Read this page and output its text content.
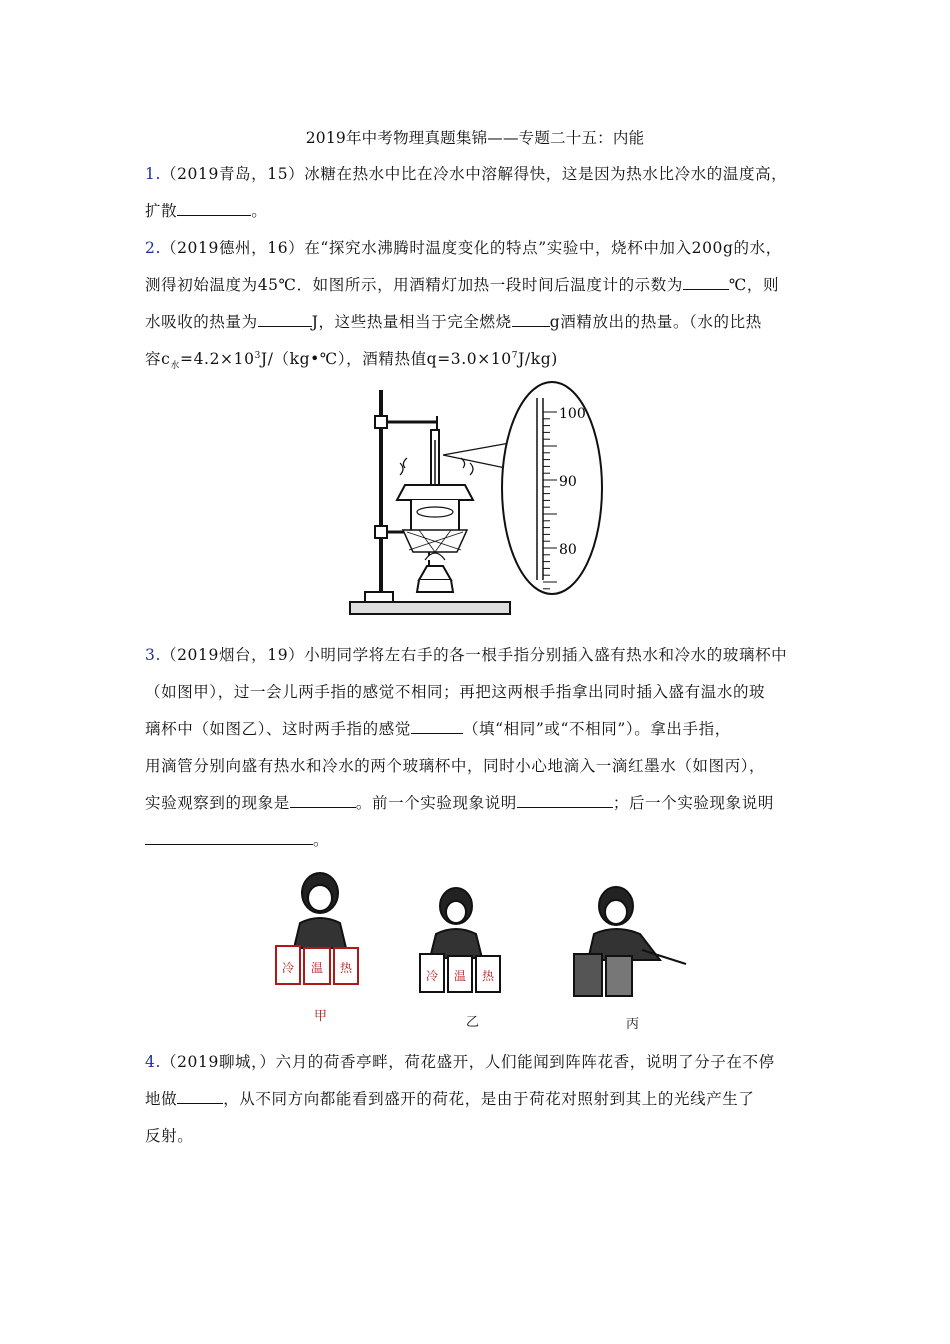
2019年中考物理真题集锦——专题二十五：内能
1.（2019青岛，15）冰糖在热水中比在冷水中溶解得快，这是因为热水比冷水的温度高，
扩散	。
2.（2019德州，16）在“探究水沸腾时温度变化的特点”实验中，烧杯中加入200g的水，
测得初始温度为45℃．如图所示，用酒精灯加热一段时间后温度计的示数为	℃，则
水吸收的热量为	J，这些热量相当于完全燃烧 g酒精放出的热量。（水的比热
容$c_水=4.2\times 10^3J/(kg•℃)$，酒精热值$q=3.0\times 10^7J/kg$)
100
90
80
3.（2019烟台，19）小明同学将左右手的各一根手指分别插入盛有热水和冷水的玻璃杯中
（如图甲），过一会儿两手指的感觉不相同；再把这两根手指拿出同时插入盛有温水的玻
璃杯中（如图乙）、这时两手指的感觉	（填“相同”或“不相同”）。拿出手指，
用滴管分别向盛有热水和冷水的两个玻璃杯中，同时小心地滴入一滴红墨水（如图丙），
实验观察到的现象是	。前一个实验现象说明	；后一个实验现象说明
。
冷 温 热
甲
冷 温 热
乙	丙
4.（2019聊城，）六月的荷香亭畔，荷花盛开，人们能闻到阵阵花香，说明了分子在不停
地做	，从不同方向都能看到盛开的荷花，是由于荷花对照射到其上的光线产生了
反射。
